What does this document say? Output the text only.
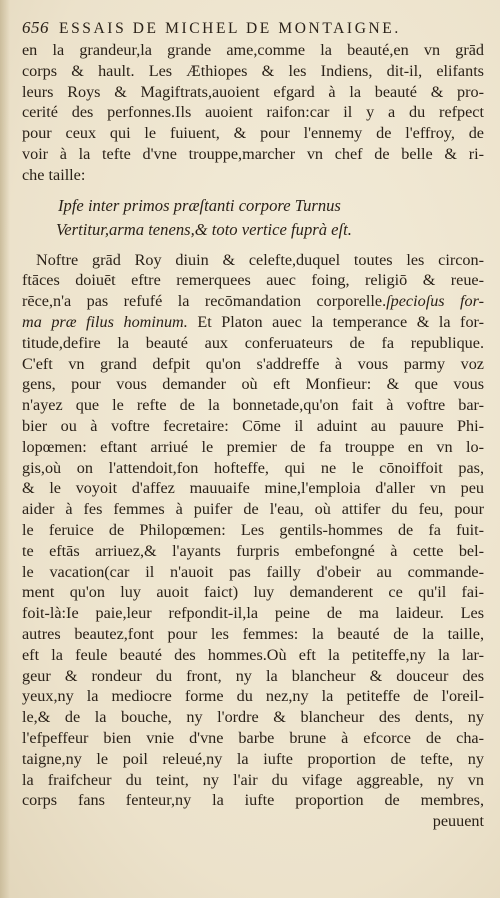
656 ESSAIS DE MICHEL DE MONTAIGNE.
en la grandeur,la grande ame,comme la beauté,en vn grād
corps & hault. Les Æthiopes & les Indiens, dit-il, elifants
leurs Roys & Magiftrats,auoient efgard à la beauté & pro-
cerité des perfonnes.Ils auoient raifon:car il y a du refpect
pour ceux qui le fuiuent, & pour l'ennemy de l'effroy, de
voir à la tefte d'vne trouppe,marcher vn chef de belle & ri-
che taille:
Ipfe inter primos præſtanti corpore Turnus
Vertitur,arma tenens,& toto vertice fuprà eſt.
Noftre grād Roy diuin & celefte,duquel toutes les circon-
ftāces doiuēt eftre remerquees auec foing, religiō & reue-
rēce,n'a pas refufé la recōmandation corporelle.ſpecioſus for-
ma præ filus hominum. Et Platon auec la temperance & la for-
titude,defire la beauté aux conferuateurs de fa republique.
C'eft vn grand defpit qu'on s'addreffe à vous parmy voz
gens, pour vous demander où eft Monfieur: & que vous
n'ayez que le refte de la bonnetade,qu'on fait à voftre bar-
bier ou à voftre fecretaire: Cōme il aduint au pauure Phi-
lopœmen: eftant arriué le premier de fa trouppe en vn lo-
gis,où on l'attendoit,fon hofteffe, qui ne le cōnoiffoit pas,
& le voyoit d'affez mauuaife mine,l'emploia d'aller vn peu
aider à fes femmes à puifer de l'eau, où attifer du feu, pour
le feruice de Philopœmen: Les gentils-hommes de fa fuit-
te eftās arriuez,& l'ayants furpris embefongné à cette bel-
le vacation(car il n'auoit pas failly d'obeir au commande-
ment qu'on luy auoit faict) luy demanderent ce qu'il fai-
foit-là:Ie paie,leur refpondit-il,la peine de ma laideur. Les
autres beautez,font pour les femmes: la beauté de la taille,
eft la feule beauté des hommes.Où eft la petiteffe,ny la lar-
geur & rondeur du front, ny la blancheur & douceur des
yeux,ny la mediocre forme du nez,ny la petiteffe de l'oreil-
le,& de la bouche, ny l'ordre & blancheur des dents, ny
l'efpeffeur bien vnie d'vne barbe brune à efcorce de cha-
taigne,ny le poil releué,ny la iufte proportion de tefte, ny
la fraifcheur du teint, ny l'air du vifage aggreable, ny vn
corps fans fenteur,ny la iufte proportion de membres,
peuuent
